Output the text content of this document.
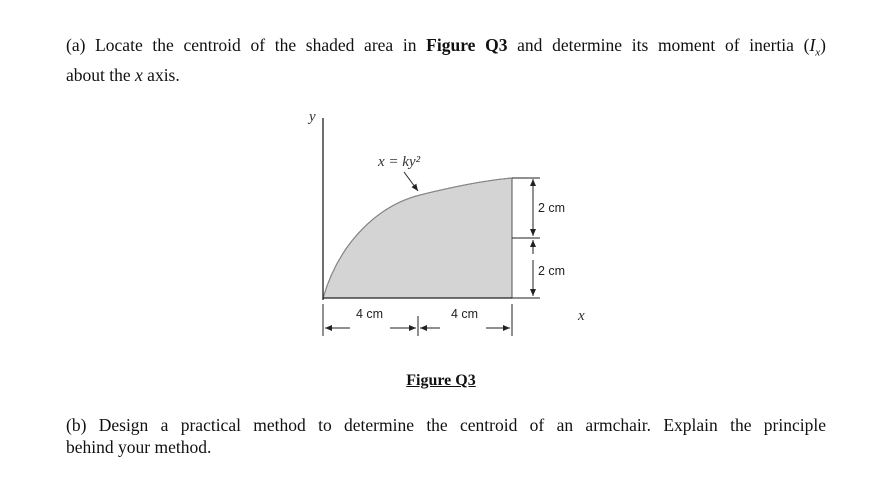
(a) Locate the centroid of the shaded area in Figure Q3 and determine its moment of inertia $(I_x)$
about the x axis.
y
x
x = ky²
2 cm
2 cm
4 cm	4 cm
Figure Q3
(b) Design a practical method to determine the centroid of an armchair. Explain the principle
behind your method.
